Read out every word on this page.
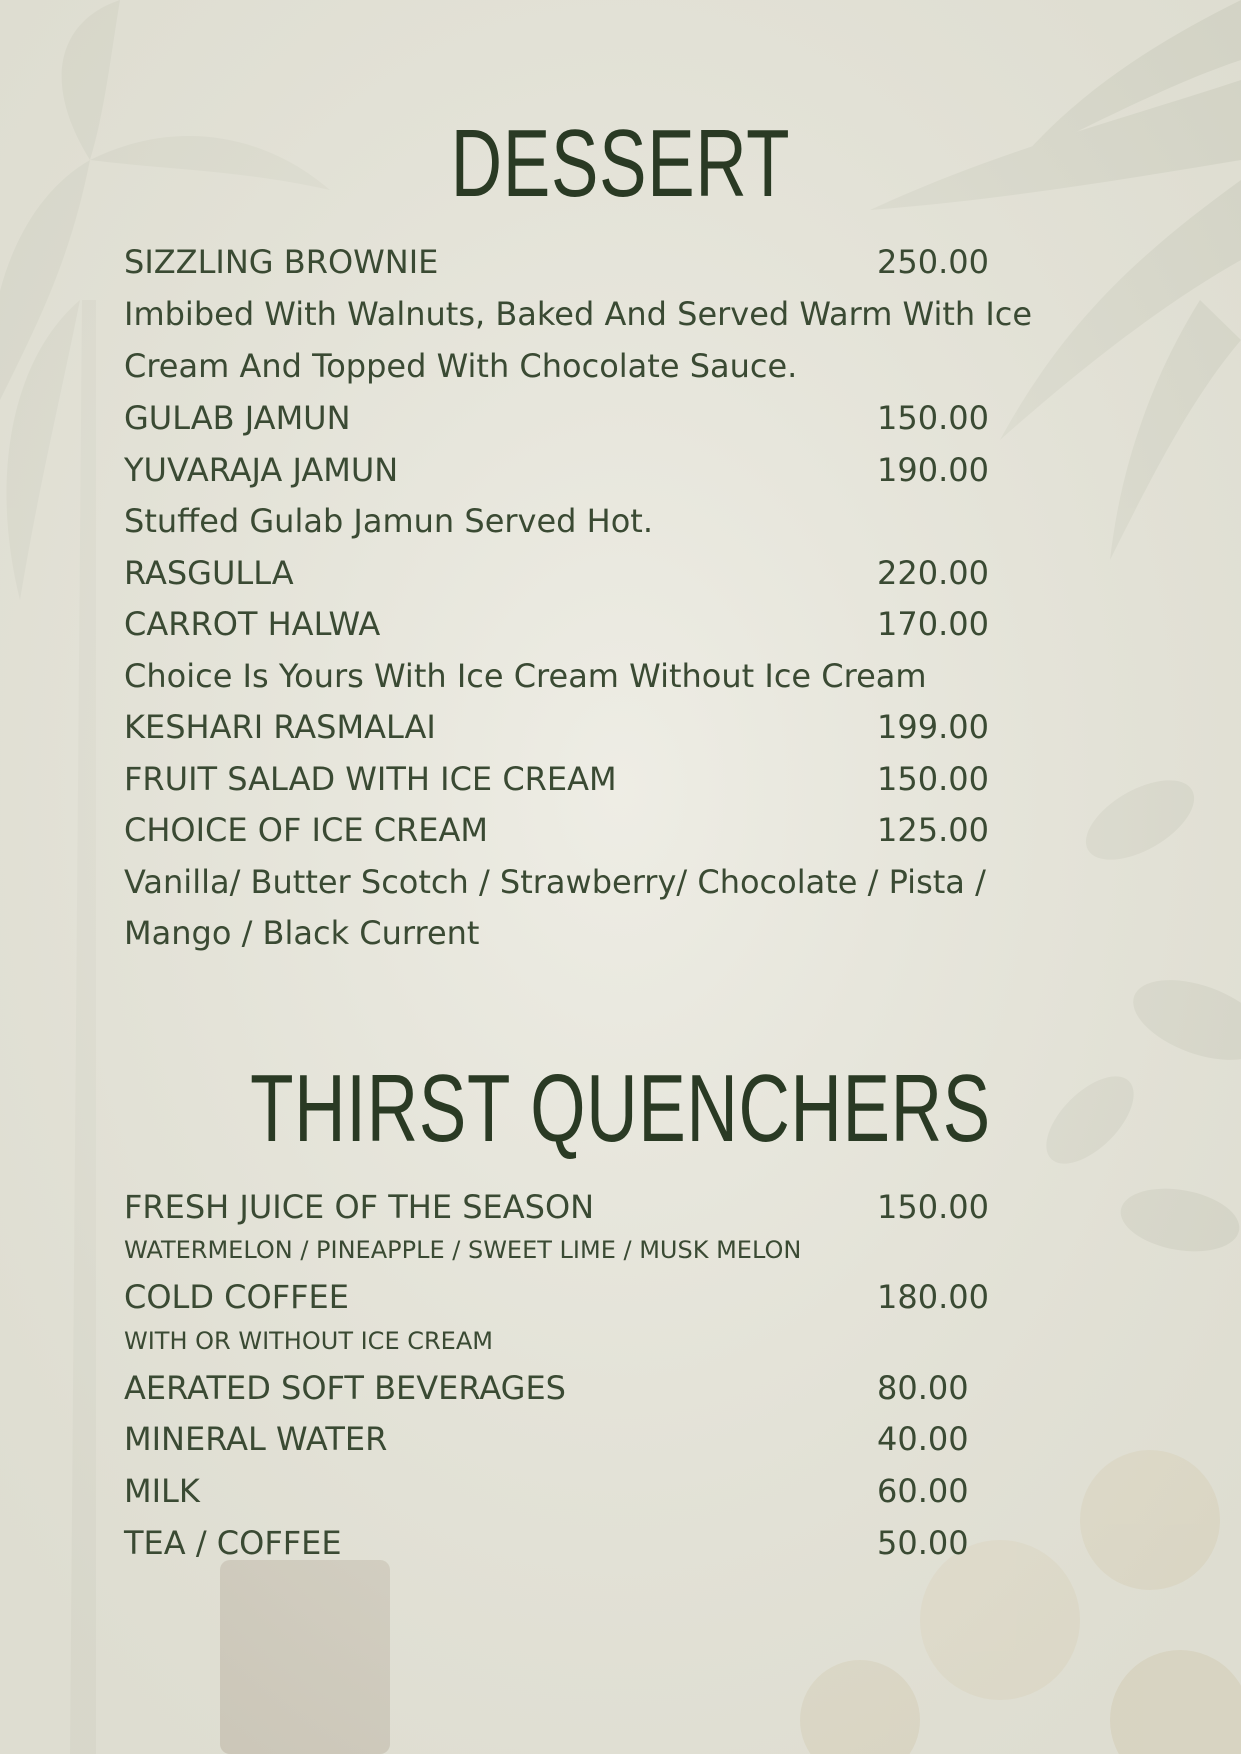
DESSERT
SIZZLING BROWNIE	250.00
Imbibed With Walnuts, Baked And Served Warm With Ice
Cream And Topped With Chocolate Sauce.
GULAB JAMUN	150.00
YUVARAJA JAMUN	190.00
Stuffed Gulab Jamun Served Hot.
RASGULLA	220.00
CARROT HALWA	170.00
Choice Is Yours With Ice Cream Without Ice Cream
KESHARI RASMALAI	199.00
FRUIT SALAD WITH ICE CREAM	150.00
CHOICE OF ICE CREAM	125.00
Vanilla/ Butter Scotch / Strawberry/ Chocolate / Pista /
Mango / Black Current
THIRST QUENCHERS
FRESH JUICE OF THE SEASON	150.00
WATERMELON / PINEAPPLE / SWEET LIME / MUSK MELON
COLD COFFEE	180.00
WITH OR WITHOUT ICE CREAM
AERATED SOFT BEVERAGES	80.00
MINERAL WATER	40.00
MILK	60.00
TEA / COFFEE	50.00
